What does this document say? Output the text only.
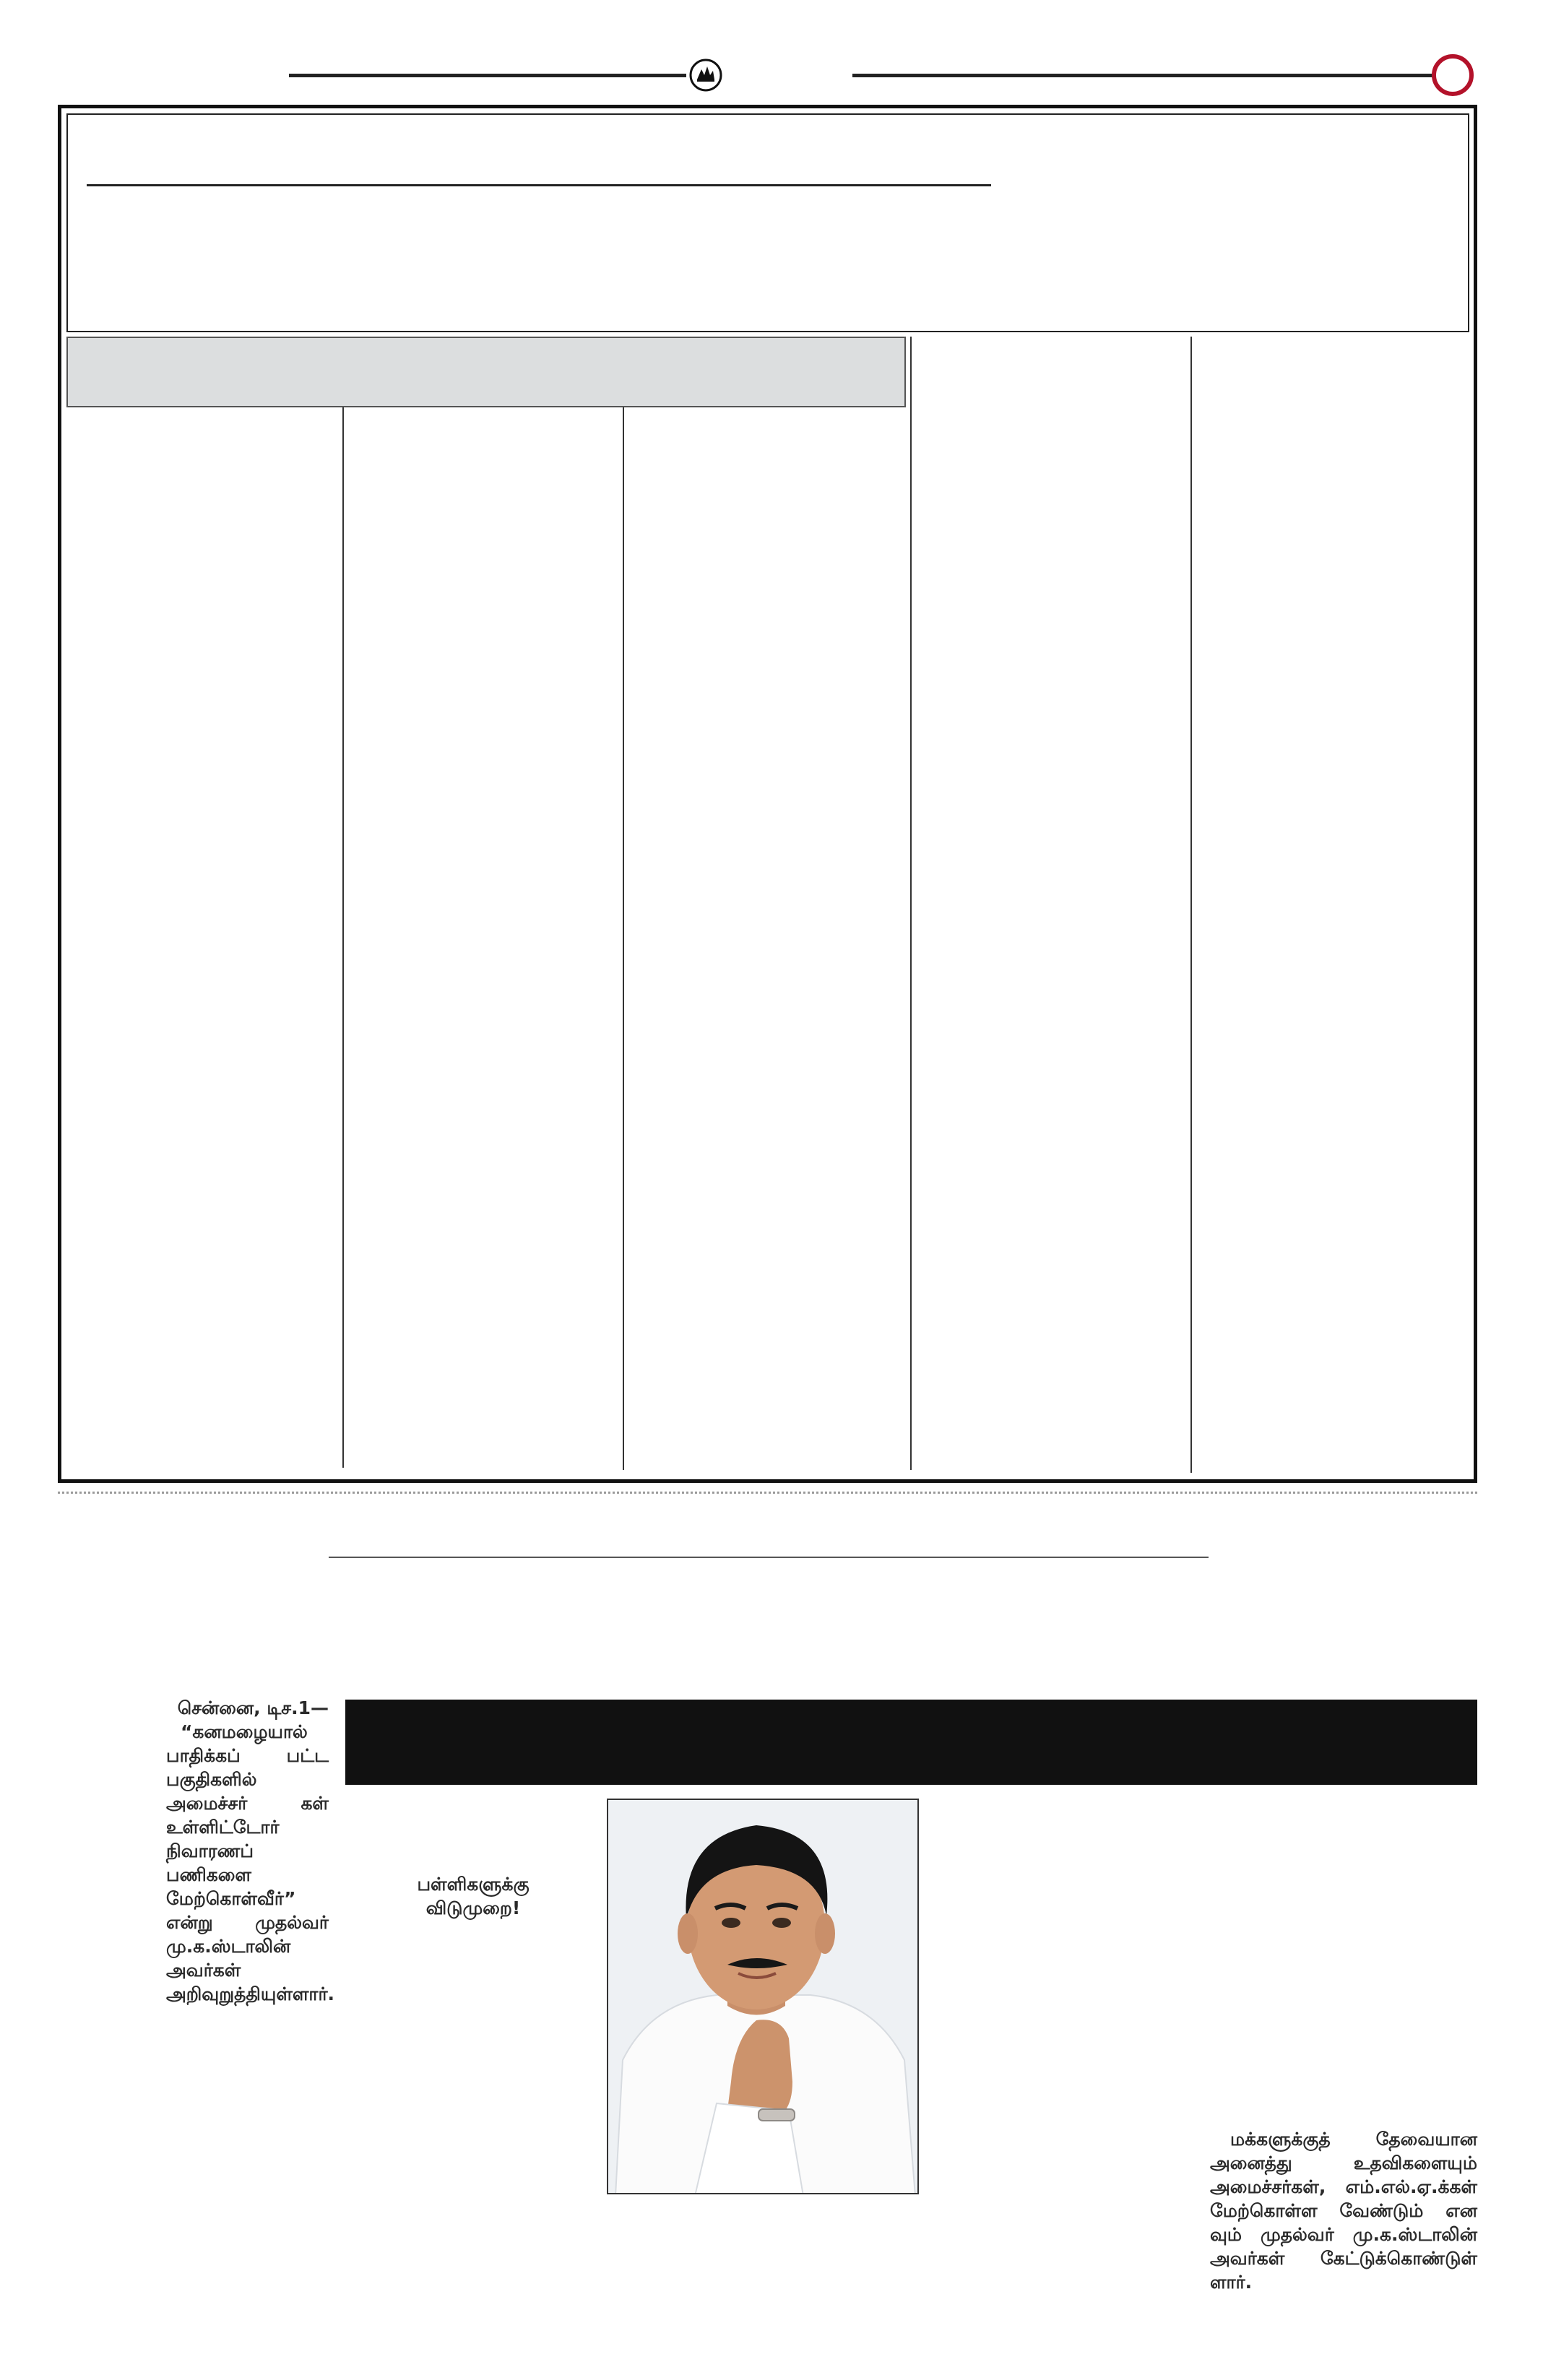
சென்னை, டிச.1—
“கனமழையால் பாதிக்கப் பட்ட பகுதிகளில் அமைச்சர் கள் உள்ளிட்டோர் நிவாரணப் பணிகளை மேற்கொள்வீர்” என்று முதல்வர் மு.க.ஸ்டாலின் அவர்கள் அறிவுறுத்தியுள்ளார்.
பள்ளிகளுக்கு விடுமுறை!
மக்களுக்குத் தேவையான அனைத்து உதவிகளையும் அமைச்சர்கள், எம்.எல்.ஏ.க்கள் மேற்கொள்ள வேண்டும் என வும் முதல்வர் மு.க.ஸ்டாலின் அவர்கள் கேட்டுக்கொண்டுள் ளார்.
